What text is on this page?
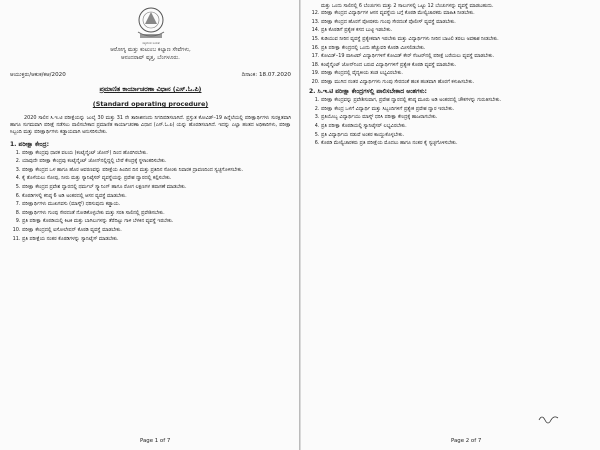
ಸತ್ಯಮೇವ ಜಯತೆ
ಆರೋಗ್ಯ ಮತ್ತು ಕುಟುಂಬ ಕಲ್ಯಾಣ ಸೇವೆಗಳು,
ಆನಂದರಾವ್ ವೃತ್ತ, ಬೆಂಗಳೂರು.
ಆಯುಕ್ತರು/ಆಕುಕ/ಕಆ/2020	ದಿನಾಂಕ: 18.07.2020
ಪ್ರಮಾಣಿತ ಕಾರ್ಯಾಚರಣಾ ವಿಧಾನ (ಎಸ್.ಓ.ಪಿ)
(Standard operating procedure)

2020 ಸಾಲಿನ ಸಿ.ಇ.ಟಿ ಪರೀಕ್ಷೆಯನ್ನು ಜುಲೈ 30 ಮತ್ತು 31 ನೇ ತಾರೀಖಿನಂದು ನಿಗದಿಪಡಿಸಲಾಗಿದೆ. ಪ್ರಸ್ತುತ ಕೋವಿಡ್–19 ಹಿನ್ನೆಲೆಯಲ್ಲಿ ಪರೀಕ್ಷಾರ್ಥಿಗಳು ಸುರಕ್ಷಿತವಾಗಿ ಹಾಗೂ ಸುಗಮವಾಗಿ ಪರೀಕ್ಷೆ ನಡೆಸಲು ಪಾಲಿಸಬೇಕಾದ ಪ್ರಮಾಣಿತ ಕಾರ್ಯಾಚರಣಾ ವಿಧಾನ (ಎಸ್.ಓ.ಪಿ) ಯನ್ನು ಹೊರಡಿಸಲಾಗಿದೆ. ಇದನ್ನು ಎಲ್ಲಾ ಹಂತದ ಅಧಿಕಾರಿಗಳು, ಪರೀಕ್ಷಾ ಸಿಬ್ಬಂದಿ ಮತ್ತು ಪರೀಕ್ಷಾರ್ಥಿಗಳು ಕಡ್ಡಾಯವಾಗಿ ಅನುಸರಿಸಬೇಕು.

1. ಪರೀಕ್ಷಾ ಕೇಂದ್ರ:
1. ಪರೀಕ್ಷಾ ಕೇಂದ್ರವು ಧಾರಕ ವಲಯ (ಕಂಟೈನ್ಮೆಂಟ್ ಜೋನ್) ದಿಂದ ಹೊರಗಿರಬೇಕು.
2. ಯಾವುದೇ ಪರೀಕ್ಷಾ ಕೇಂದ್ರವು ಕಂಟೈನ್ಮೆಂಟ್ ಜೋನ್‌ನಲ್ಲಿದ್ದಲ್ಲಿ ಬೇರೆ ಕೇಂದ್ರಕ್ಕೆ ಸ್ಥಳಾಂತರಿಸಬೇಕು.
3. ಪರೀಕ್ಷಾ ಕೇಂದ್ರದ ಒಳ ಹಾಗೂ ಹೊರ ಆವರಣವನ್ನು ಪರೀಕ್ಷೆಯ ಹಿಂದಿನ ದಿನ ಮತ್ತು ಪ್ರತಿದಿನ ಸೋಂಕು ನಿವಾರಕ ದ್ರಾವಣದಿಂದ ಸ್ವಚ್ಛಗೊಳಿಸಬೇಕು.
4. ಕೈ ತೊಳೆಯಲು ಸೋಪು, ನೀರು ಮತ್ತು ಸ್ಯಾನಿಟೈಸರ್ ವ್ಯವಸ್ಥೆಯನ್ನು ಪ್ರವೇಶ ದ್ವಾರದಲ್ಲಿ ಕಲ್ಪಿಸಬೇಕು.
5. ಪರೀಕ್ಷಾ ಕೇಂದ್ರದ ಪ್ರವೇಶ ದ್ವಾರದಲ್ಲಿ ಥರ್ಮಲ್ ಸ್ಕ್ಯಾನಿಂಗ್ ಹಾಗೂ ರೋಗ ಲಕ್ಷಣಗಳ ತಪಾಸಣೆ ಮಾಡಬೇಕು.
6. ಕೊಠಡಿಗಳಲ್ಲಿ ಕನಿಷ್ಠ 6 ಅಡಿ ಅಂತರದಲ್ಲಿ ಆಸನ ವ್ಯವಸ್ಥೆ ಮಾಡಬೇಕು.
7. ಪರೀಕ್ಷಾರ್ಥಿಗಳು ಮುಖಗವಸು (ಮಾಸ್ಕ್) ಧರಿಸುವುದು ಕಡ್ಡಾಯ.
8. ಪರೀಕ್ಷಾರ್ಥಿಗಳು ಗುಂಪು ಸೇರದಂತೆ ನೋಡಿಕೊಳ್ಳಬೇಕು ಮತ್ತು ಸರತಿ ಸಾಲಿನಲ್ಲಿ ಪ್ರವೇಶಿಸಬೇಕು.
9. ಪ್ರತಿ ಪರೀಕ್ಷಾ ಕೊಠಡಿಯಲ್ಲಿ ಕಿಟಕಿ ಮತ್ತು ಬಾಗಿಲುಗಳನ್ನು ತೆರೆದಿಟ್ಟು ಗಾಳಿ ಬೆಳಕಿನ ವ್ಯವಸ್ಥೆ ಇರಬೇಕು.
10. ಪರೀಕ್ಷಾ ಕೇಂದ್ರದಲ್ಲಿ ಐಸೋಲೇಷನ್ ಕೊಠಡಿ ವ್ಯವಸ್ಥೆ ಮಾಡಬೇಕು.
11. ಪ್ರತಿ ಪರೀಕ್ಷೆಯ ನಂತರ ಕೊಠಡಿಗಳನ್ನು ಸ್ಯಾನಿಟೈಸ್ ಮಾಡಬೇಕು.
Page 1 of 7
ಮತ್ತು ಒಂದು ಸಾಲಿನಲ್ಲಿ 6 ಬೆಂಚುಗಳು ಮತ್ತು 2 ಸಾಲುಗಳಲ್ಲಿ ಒಟ್ಟು 12 ಬೆಂಚುಗಳನ್ನು ವ್ಯವಸ್ಥೆ ಮಾಡಬಹುದು.
12. ಪರೀಕ್ಷಾ ಕೇಂದ್ರದ ವಿದ್ಯಾರ್ಥಿಗಳ ಆಸನ ವ್ಯವಸ್ಥೆಯ ಬಗ್ಗೆ ಕೊಠಡಿ ಮೇಲ್ವಿಚಾರಕರು ಮಾಹಿತಿ ನೀಡಬೇಕು.
13. ಪರೀಕ್ಷಾ ಕೇಂದ್ರದ ಹೊರಗೆ ಪೋಷಕರು ಗುಂಪು ಸೇರದಂತೆ ಪೊಲೀಸ್ ವ್ಯವಸ್ಥೆ ಮಾಡಬೇಕು.
14. ಪ್ರತಿ ಕೊಠಡಿಗೆ ಪ್ರತ್ಯೇಕ ಕಸದ ಬುಟ್ಟಿ ಇಡಬೇಕು.
15. ಕುಡಿಯುವ ನೀರಿನ ವ್ಯವಸ್ಥೆ ಪ್ರತ್ಯೇಕವಾಗಿ ಇರಬೇಕು ಮತ್ತು ವಿದ್ಯಾರ್ಥಿಗಳು ನೀರಿನ ಬಾಟಲಿ ತರಲು ಅವಕಾಶ ನೀಡಬೇಕು.
16. ಪ್ರತಿ ಪರೀಕ್ಷಾ ಕೇಂದ್ರದಲ್ಲಿ ಒಂದು ಹೆಚ್ಚುವರಿ ಕೊಠಡಿ ಮೀಸಲಿಡಬೇಕು.
17. ಕೋವಿಡ್–19 ಪಾಸಿಟಿವ್ ವಿದ್ಯಾರ್ಥಿಗಳಿಗೆ ಕೋವಿಡ್ ಕೇರ್ ಸೆಂಟರ್‌ನಲ್ಲಿ ಪರೀಕ್ಷೆ ಬರೆಯಲು ವ್ಯವಸ್ಥೆ ಮಾಡಬೇಕು.
18. ಕಂಟೈನ್ಮೆಂಟ್ ಜೋನ್‌ನಿಂದ ಬರುವ ವಿದ್ಯಾರ್ಥಿಗಳಿಗೆ ಪ್ರತ್ಯೇಕ ಕೊಠಡಿ ವ್ಯವಸ್ಥೆ ಮಾಡಬೇಕು.
19. ಪರೀಕ್ಷಾ ಕೇಂದ್ರದಲ್ಲಿ ವೈದ್ಯಕೀಯ ತಂಡ ಲಭ್ಯವಿರಬೇಕು.
20. ಪರೀಕ್ಷಾ ಮುಗಿದ ನಂತರ ವಿದ್ಯಾರ್ಥಿಗಳು ಗುಂಪು ಸೇರದಂತೆ ಹಂತ ಹಂತವಾಗಿ ಹೊರಗೆ ಕಳುಹಿಸಬೇಕು.
2. ಸಿ.ಇ.ಟಿ ಪರೀಕ್ಷಾ ಕೇಂದ್ರಗಳಲ್ಲಿ ಪಾಲಿಸಬೇಕಾದ ಅಂಶಗಳು:
1. ಪರೀಕ್ಷಾ ಕೇಂದ್ರವನ್ನು ಪ್ರವೇಶಿಸುವಾಗ, ಪ್ರವೇಶ ದ್ವಾರದಲ್ಲಿ ಕನಿಷ್ಠ ಮೂರು ಅಡಿ ಅಂತರದಲ್ಲಿ ಚೌಕಗಳನ್ನು ಗುರುತಿಸಬೇಕು.
2. ಪರೀಕ್ಷಾ ಕೇಂದ್ರ ಒಳಗೆ ವಿದ್ಯಾರ್ಥಿ ಮತ್ತು ಸಿಬ್ಬಂದಿಗಳಿಗೆ ಪ್ರತ್ಯೇಕ ಪ್ರವೇಶ ದ್ವಾರ ಇರಬೇಕು.
3. ಪ್ರತಿಯೊಬ್ಬ ವಿದ್ಯಾರ್ಥಿಯು ಮಾಸ್ಕ್ ಧರಿಸಿ ಪರೀಕ್ಷಾ ಕೇಂದ್ರಕ್ಕೆ ಹಾಜರಾಗಬೇಕು.
4. ಪ್ರತಿ ಪರೀಕ್ಷಾ ಕೊಠಡಿಯಲ್ಲಿ ಸ್ಯಾನಿಟೈಸರ್ ಲಭ್ಯವಿರಬೇಕು.
5. ಪ್ರತಿ ವಿದ್ಯಾರ್ಥಿಯ ನಡುವೆ ಅಂತರ ಕಾಯ್ದುಕೊಳ್ಳಬೇಕು.
6. ಕೊಠಡಿ ಮೇಲ್ವಿಚಾರಕರು ಪ್ರತಿ ಪರೀಕ್ಷೆಯ ಮೊದಲು ಹಾಗೂ ನಂತರ ಕೈ ಸ್ವಚ್ಛಗೊಳಿಸಬೇಕು.
Page 2 of 7
